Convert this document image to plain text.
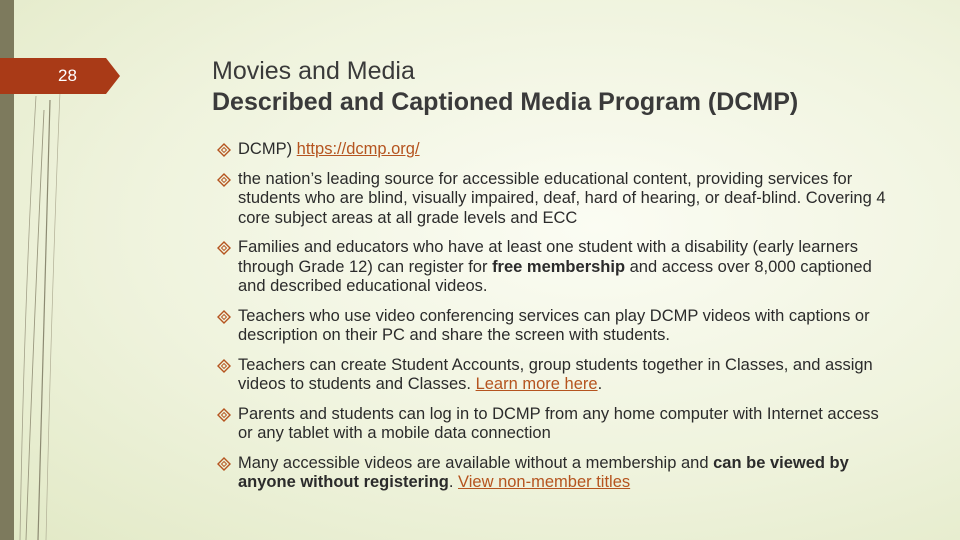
28	Movies and Media
Described and Captioned Media Program (DCMP)
DCMP) https://dcmp.org/
the nation’s leading source for accessible educational content, providing services for students who are blind, visually impaired, deaf, hard of hearing, or deaf-blind. Covering 4 core subject areas at all grade levels and ECC
Families and educators who have at least one student with a disability (early learners through Grade 12) can register for free membership and access over 8,000 captioned and described educational videos.
Teachers who use video conferencing services can play DCMP videos with captions or description on their PC and share the screen with students.
Teachers can create Student Accounts, group students together in Classes, and assign videos to students and Classes. Learn more here.
Parents and students can log in to DCMP from any home computer with Internet access or any tablet with a mobile data connection
Many accessible videos are available without a membership and can be viewed by anyone without registering. View non-member titles
